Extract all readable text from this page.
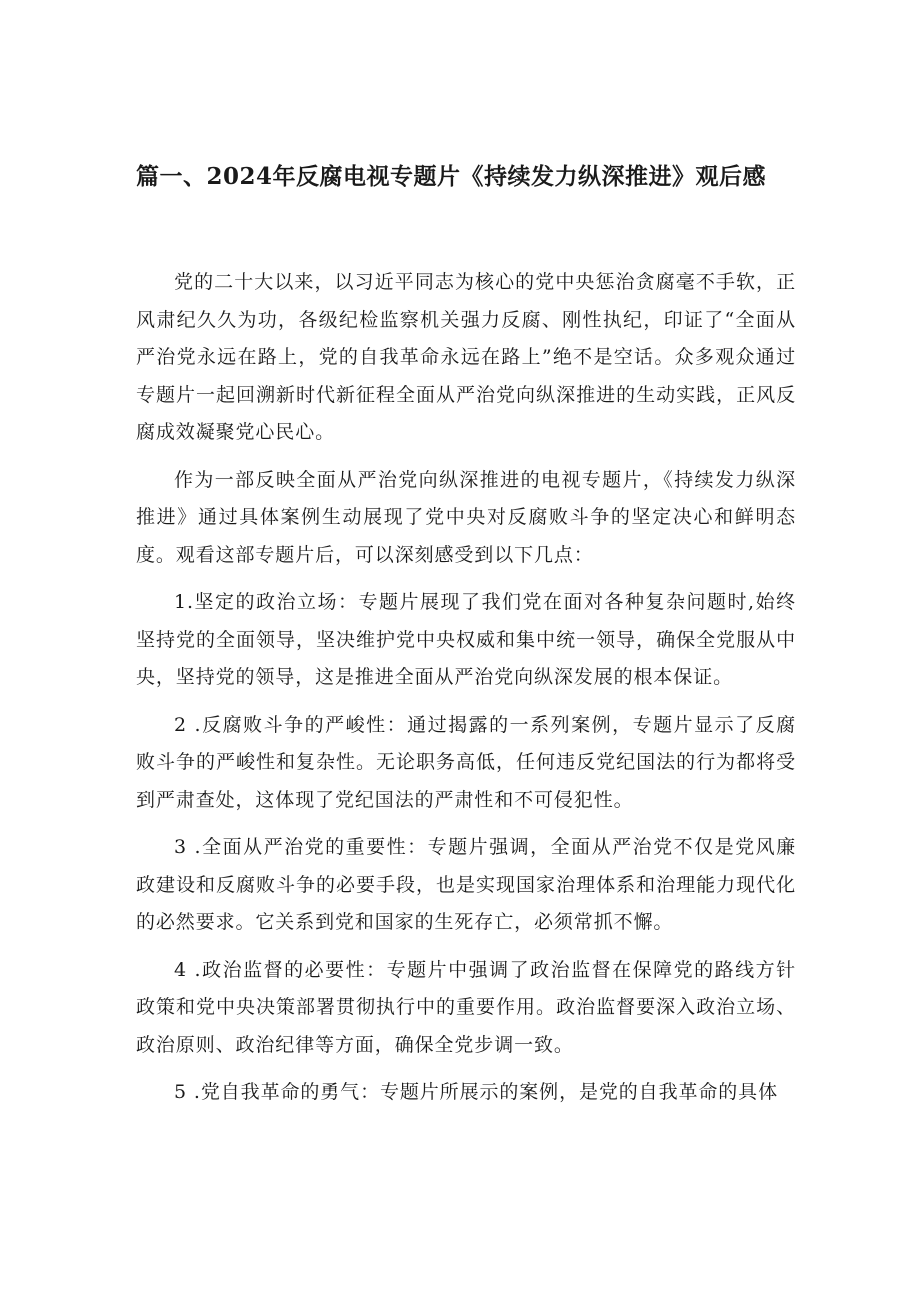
篇一、2024年反腐电视专题片《持续发力纵深推进》观后感

党的二十大以来，以习近平同志为核心的党中央惩治贪腐毫不手软，正风肃纪久久为功，各级纪检监察机关强力反腐、刚性执纪，印证了“全面从严治党永远在路上，党的自我革命永远在路上”绝不是空话。众多观众通过专题片一起回溯新时代新征程全面从严治党向纵深推进的生动实践，正风反腐成效凝聚党心民心。

作为一部反映全面从严治党向纵深推进的电视专题片，《持续发力纵深推进》通过具体案例生动展现了党中央对反腐败斗争的坚定决心和鲜明态度。观看这部专题片后，可以深刻感受到以下几点：

1.坚定的政治立场：专题片展现了我们党在面对各种复杂问题时,始终坚持党的全面领导，坚决维护党中央权威和集中统一领导，确保全党服从中央，坚持党的领导，这是推进全面从严治党向纵深发展的根本保证。

2 .反腐败斗争的严峻性：通过揭露的一系列案例，专题片显示了反腐败斗争的严峻性和复杂性。无论职务高低，任何违反党纪国法的行为都将受到严肃查处，这体现了党纪国法的严肃性和不可侵犯性。

3 .全面从严治党的重要性：专题片强调，全面从严治党不仅是党风廉政建设和反腐败斗争的必要手段，也是实现国家治理体系和治理能力现代化的必然要求。它关系到党和国家的生死存亡，必须常抓不懈。

4 .政治监督的必要性：专题片中强调了政治监督在保障党的路线方针政策和党中央决策部署贯彻执行中的重要作用。政治监督要深入政治立场、政治原则、政治纪律等方面，确保全党步调一致。

5 .党自我革命的勇气：专题片所展示的案例，是党的自我革命的具体
